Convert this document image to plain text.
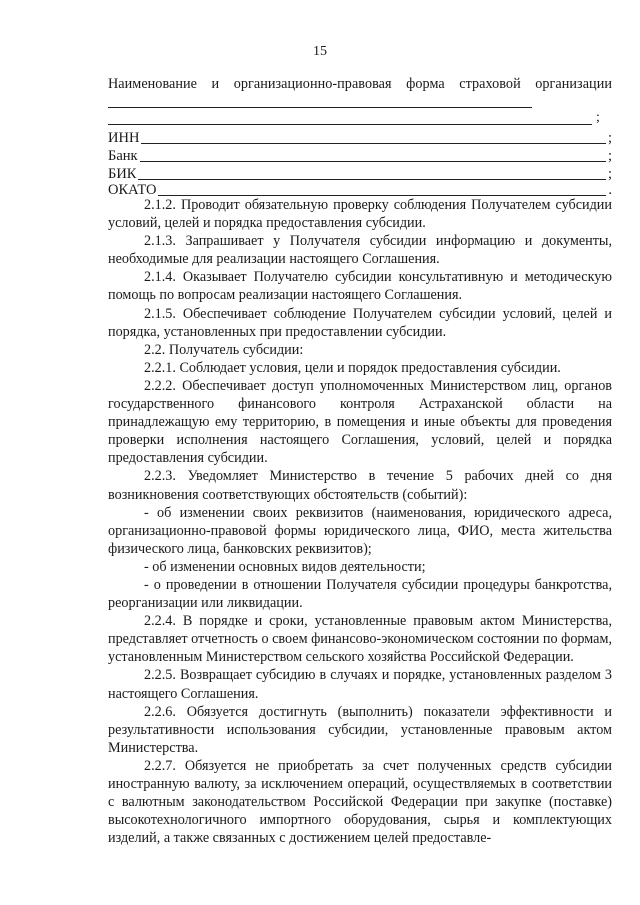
15
Наименование и организационно-правовая форма страховой организации
;
ИНН	;
Банк	;
БИК	;
ОКАТО	.

2.1.2. Проводит обязательную проверку соблюдения Получателем субсидии условий, целей и порядка предоставления субсидии.

2.1.3. Запрашивает у Получателя субсидии информацию и документы, необходимые для реализации настоящего Соглашения.

2.1.4. Оказывает Получателю субсидии консультативную и методическую помощь по вопросам реализации настоящего Соглашения.

2.1.5. Обеспечивает соблюдение Получателем субсидии условий, целей и порядка, установленных при предоставлении субсидии.

2.2. Получатель субсидии:

2.2.1. Соблюдает условия, цели и порядок предоставления субсидии.

2.2.2. Обеспечивает доступ уполномоченных Министерством лиц, органов государственного финансового контроля Астраханской области на принадлежащую ему территорию, в помещения и иные объекты для проведения проверки исполнения настоящего Соглашения, условий, целей и порядка предоставления субсидии.

2.2.3. Уведомляет Министерство в течение 5 рабочих дней со дня возникновения соответствующих обстоятельств (событий):

- об изменении своих реквизитов (наименования, юридического адреса, организационно-правовой формы юридического лица, ФИО, места жительства физического лица, банковских реквизитов);

- об изменении основных видов деятельности;

- о проведении в отношении Получателя субсидии процедуры банкротства, реорганизации или ликвидации.

2.2.4. В порядке и сроки, установленные правовым актом Министерства, представляет отчетность о своем финансово-экономическом состоянии по формам, установленным Министерством сельского хозяйства Российской Федерации.

2.2.5. Возвращает субсидию в случаях и порядке, установленных разделом 3 настоящего Соглашения.

2.2.6. Обязуется достигнуть (выполнить) показатели эффективности и результативности использования субсидии, установленные правовым актом Министерства.

2.2.7. Обязуется не приобретать за счет полученных средств субсидии иностранную валюту, за исключением операций, осуществляемых в соответствии с валютным законодательством Российской Федерации при закупке (поставке) высокотехнологичного импортного оборудования, сырья и комплектующих изделий, а также связанных с достижением целей предоставле-
